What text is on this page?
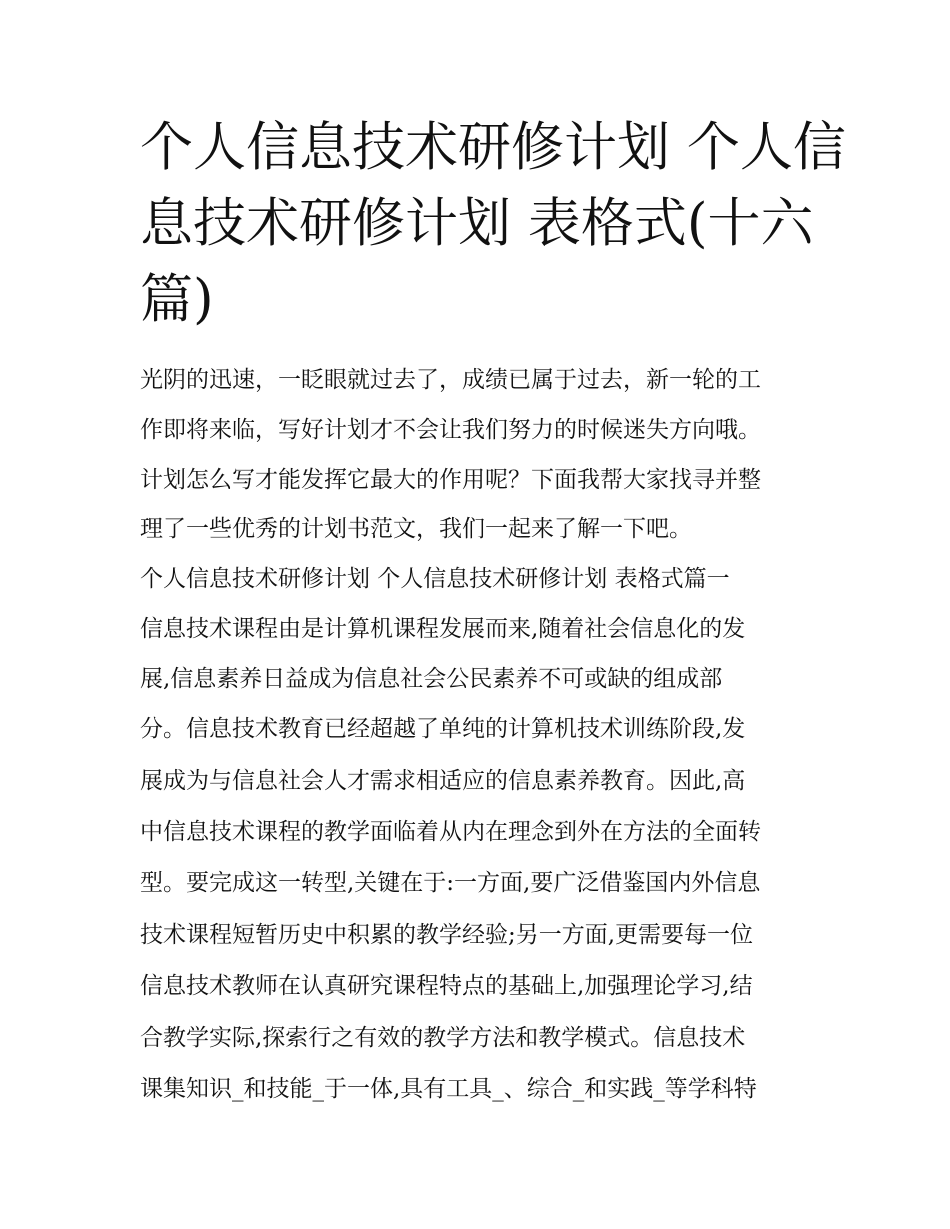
个人信息技术研修计划 个人信
息技术研修计划 表格式(十六
篇)

光阴的迅速，一眨眼就过去了，成绩已属于过去，新一轮的工

作即将来临，写好计划才不会让我们努力的时候迷失方向哦。

计划怎么写才能发挥它最大的作用呢？下面我帮大家找寻并整

理了一些优秀的计划书范文，我们一起来了解一下吧。

个人信息技术研修计划 个人信息技术研修计划 表格式篇一

信息技术课程由是计算机课程发展而来,随着社会信息化的发

展,信息素养日益成为信息社会公民素养不可或缺的组成部

分。信息技术教育已经超越了单纯的计算机技术训练阶段,发

展成为与信息社会人才需求相适应的信息素养教育。因此,高

中信息技术课程的教学面临着从内在理念到外在方法的全面转

型。要完成这一转型,关键在于:一方面,要广泛借鉴国内外信息

技术课程短暂历史中积累的教学经验;另一方面,更需要每一位

信息技术教师在认真研究课程特点的基础上,加强理论学习,结

合教学实际,探索行之有效的教学方法和教学模式。信息技术

课集知识_和技能_于一体,具有工具_、综合_和实践_等学科特
